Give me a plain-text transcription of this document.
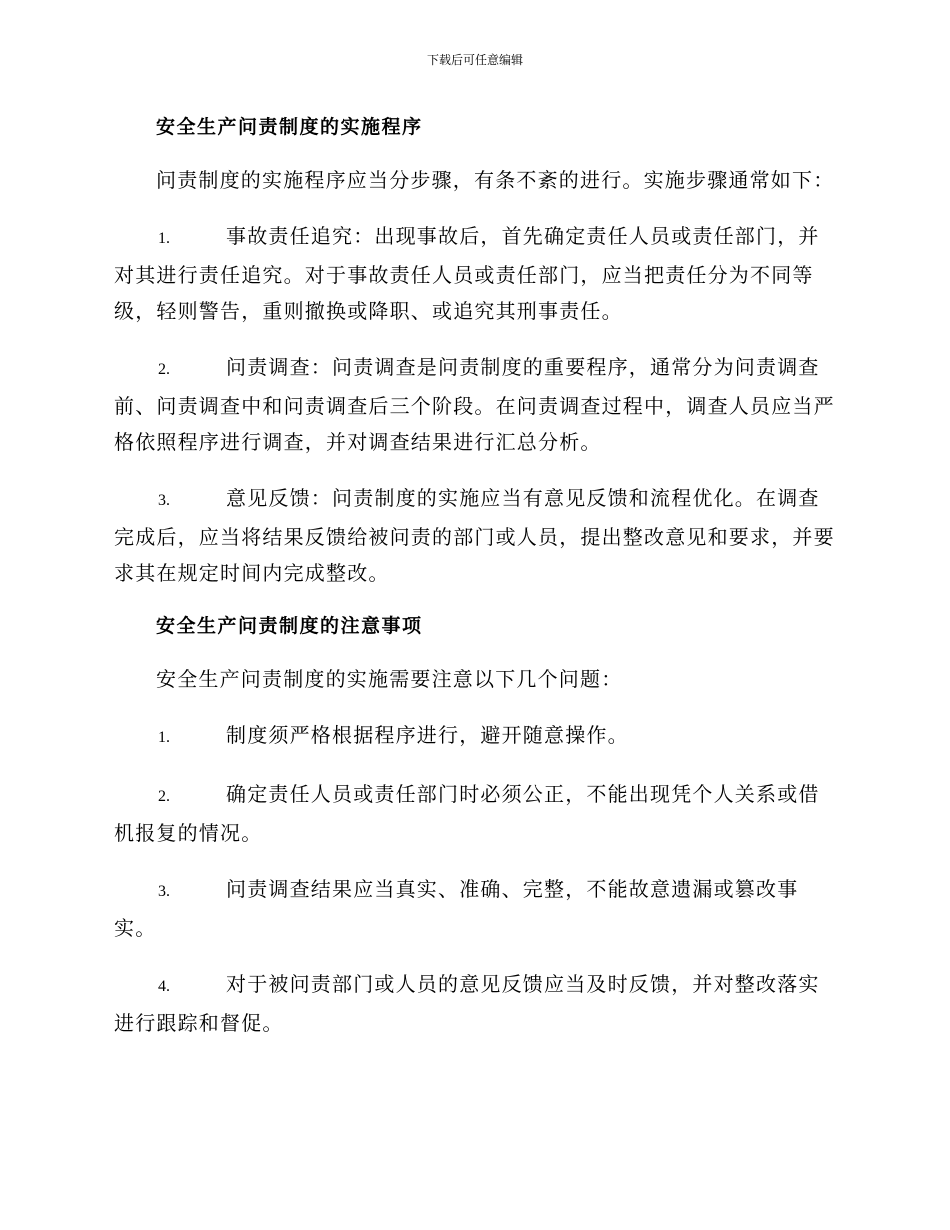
下载后可任意编辑
安全生产问责制度的实施程序
问责制度的实施程序应当分步骤，有条不紊的进行。实施步骤通常如下：
1.	事故责任追究：出现事故后，首先确定责任人员或责任部门，并对其进行责任追究。对于事故责任人员或责任部门，应当把责任分为不同等级，轻则警告，重则撤换或降职、或追究其刑事责任。
2.	问责调查：问责调查是问责制度的重要程序，通常分为问责调查前、问责调查中和问责调查后三个阶段。在问责调查过程中，调查人员应当严格依照程序进行调查，并对调查结果进行汇总分析。
3.	意见反馈：问责制度的实施应当有意见反馈和流程优化。在调查完成后，应当将结果反馈给被问责的部门或人员，提出整改意见和要求，并要求其在规定时间内完成整改。
安全生产问责制度的注意事项
安全生产问责制度的实施需要注意以下几个问题：
1.	制度须严格根据程序进行，避开随意操作。
2.	确定责任人员或责任部门时必须公正，不能出现凭个人关系或借机报复的情况。
3.	问责调查结果应当真实、准确、完整，不能故意遗漏或篡改事实。
4.	对于被问责部门或人员的意见反馈应当及时反馈，并对整改落实进行跟踪和督促。
